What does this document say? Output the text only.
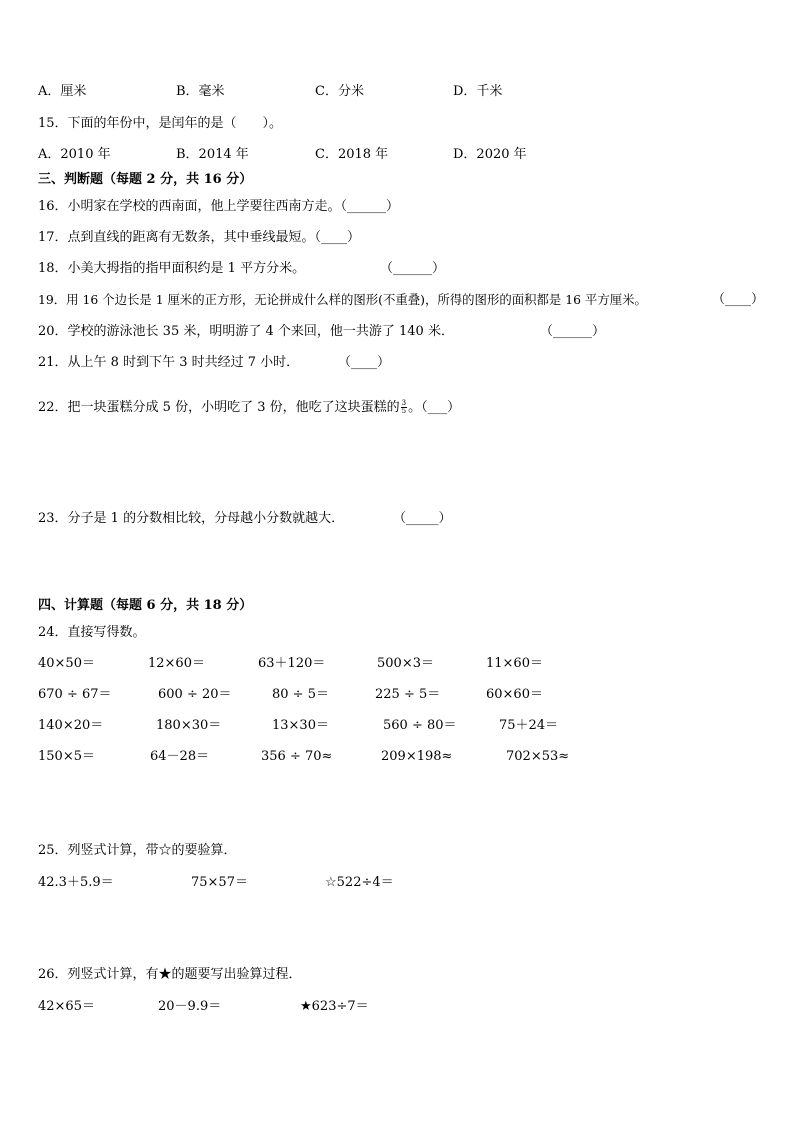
A．厘米	B．毫米	C．分米	D．千米
15．下面的年份中，是闰年的是（　　）。
A．2010 年	B．2014 年	C．2018 年	D．2020 年
三、判断题（每题 2 分，共 16 分）
16．小明家在学校的西南面，他上学要往西南方走。（______）
17．点到直线的距离有无数条，其中垂线最短。（____）
18．小美大拇指的指甲面积约是 1 平方分米。	（______）
19．用 16 个边长是 1 厘米的正方形，无论拼成什么样的图形(不重叠)，所得的图形的面积都是 16 平方厘米。	（____）
20．学校的游泳池长 35 米，明明游了 4 个来回，他一共游了 140 米．	（______）
21．从上午 8 时到下午 3 时共经过 7 小时．	（____）
22．把一块蛋糕分成 5 份，小明吃了 3 份，他吃了这块蛋糕的 $\frac{3}{5}$ 。（___）
23．分子是 1 的分数相比较，分母越小分数就越大．	（_____）
四、计算题（每题 6 分，共 18 分）
24．直接写得数。
40×50＝	12×60＝	63＋120＝	500×3＝	11×60＝
670 ÷ 67＝	600 ÷ 20＝	80 ÷ 5＝	225 ÷ 5＝	60×60＝
140×20＝	180×30＝	13×30＝	560 ÷ 80＝	75＋24＝
150×5＝	64－28＝	356 ÷ 70≈	209×198≈	702×53≈
25．列竖式计算，带☆的要验算．
42.3＋5.9＝	75×57＝	☆522÷4＝
26．列竖式计算，有★的题要写出验算过程．
42×65＝	20－9.9＝	★623÷7＝
